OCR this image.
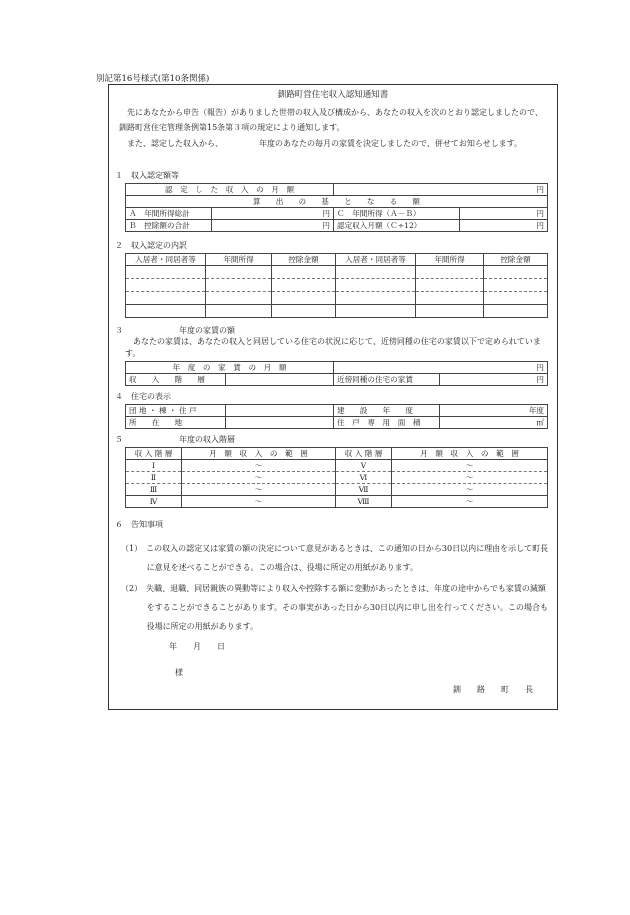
別記第16号様式(第10条関係)
釧路町営住宅収入認知通知書
先にあなたから申告（報告）がありました世帯の収入及び構成から、あなたの収入を次のとおり認定しましたので、釧路町営住宅管理条例第15条第３項の規定により通知します。
また、認定した収入から、　　　　　年度のあなたの毎月の家賃を決定しましたので、併せてお知らせします。
１　収入認定額等
認　定　し　た　収　入　の　月　額		円	
算　　出　　の　　基　　と　　な　　る　　額			
Ａ　年間所得総計	円	Ｃ　年間所得（Ａ－Ｂ）	円
Ｂ　控除額の合計	円	認定収入月額（Ｃ÷12）	円
２　収入認定の内訳
入居者・同居者等	年間所得	控除金額	入居者・同居者等	年間所得	控除金額

３　　　　　　　年度の家賃の額
あなたの家賃は、あなたの収入と同居している住宅の状況に応じて、近傍同種の住宅の家賃以下で定められています。
年　度　の　家　賃　の　月　額		円	
収　　入　　階　　層		近傍同種の住宅の家賃	円
４　住宅の表示
団 地 ・ 棟 ・ 住 戸		建　　設　　年　　度	年度
所　　在　　地		住　戸　専　用　面　積	㎡
５　　　　　　　年度の収入階層
収 入 階 層	月　額　収　入　の　範　囲	収 入 階 層	月　額　収　入　の　範　囲
Ⅰ	～	Ⅴ	～
Ⅱ	～	Ⅵ	～
Ⅲ	～	Ⅶ	～
Ⅳ	～	Ⅷ	～
６　告知事項
（1）　この収入の認定又は家賃の額の決定について意見があるときは、この通知の日から30日以内に理由を示して町長に意見を述べることができる。この場合は、役場に所定の用紙があります。
（2）　失職、退職、同居親族の異動等により収入や控除する額に変動があったときは、年度の途中からでも家賃の減額をすることができることがあります。その事実があった日から30日以内に申し出を行ってください。この場合も役場に所定の用紙があります。
年　　月　　日
様
釧　　路　　町　　長
